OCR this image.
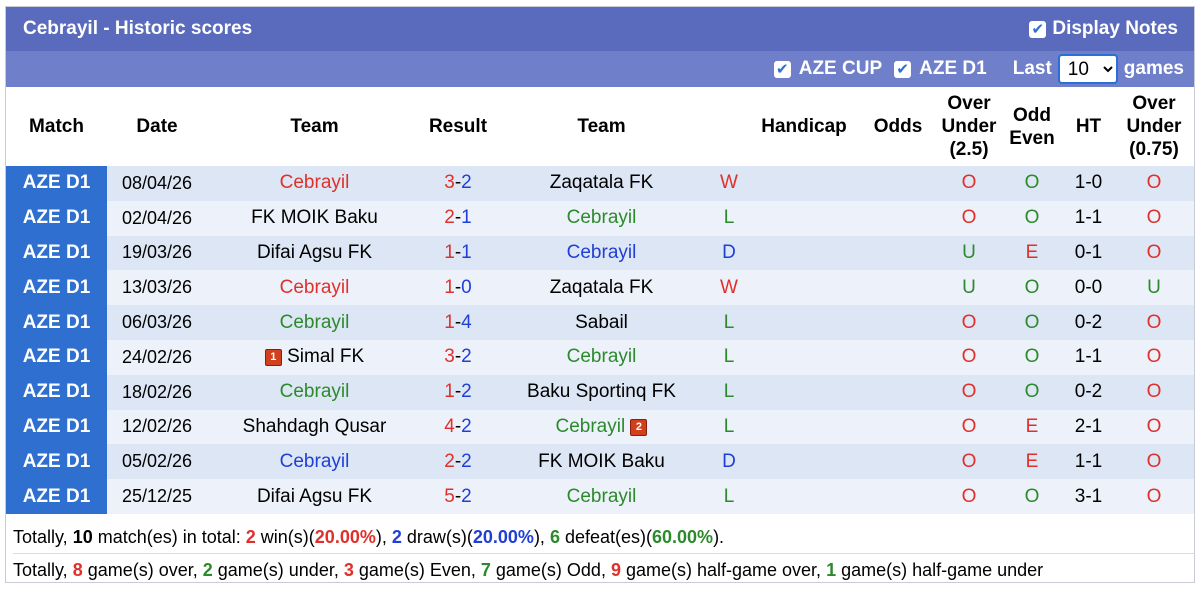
Cebrayil - Historic scores	✔ Display Notes
✔ AZE CUP ✔ AZE D1 Last
10	games
Match	Date	Team	Result	Team		Handicap	Odds	Over
Under
(2.5)	Odd
Even	HT	Over
Under
(0.75)
AZE D1	08/04/26	Cebrayil	3-2	Zaqatala FK	W			O	O	1-0	O
AZE D1	02/04/26	FK MOIK Baku	2-1	Cebrayil	L			O	O	1-1	O
AZE D1	19/03/26	Difai Agsu FK	1-1	Cebrayil	D			U	E	0-1	O
AZE D1	13/03/26	Cebrayil	1-0	Zaqatala FK	W			U	O	0-0	U
AZE D1	06/03/26	Cebrayil	1-4	Sabail	L			O	O	0-2	O
AZE D1	24/02/26	1 Simal FK	3-2	Cebrayil	L			O	O	1-1	O
AZE D1	18/02/26	Cebrayil	1-2	Baku Sportinq FK	L			O	O	0-2	O
AZE D1	12/02/26	Shahdagh Qusar	4-2	Cebrayil 2	L			O	E	2-1	O
AZE D1	05/02/26	Cebrayil	2-2	FK MOIK Baku	D			O	E	1-1	O
AZE D1	25/12/25	Difai Agsu FK	5-2	Cebrayil	L			O	O	3-1	O
Totally, 10 match(es) in total: 2 win(s)(20.00%), 2 draw(s)(20.00%), 6 defeat(es)(60.00%).
Totally, 8 game(s) over, 2 game(s) under, 3 game(s) Even, 7 game(s) Odd, 9 game(s) half-game over, 1 game(s) half-game under
